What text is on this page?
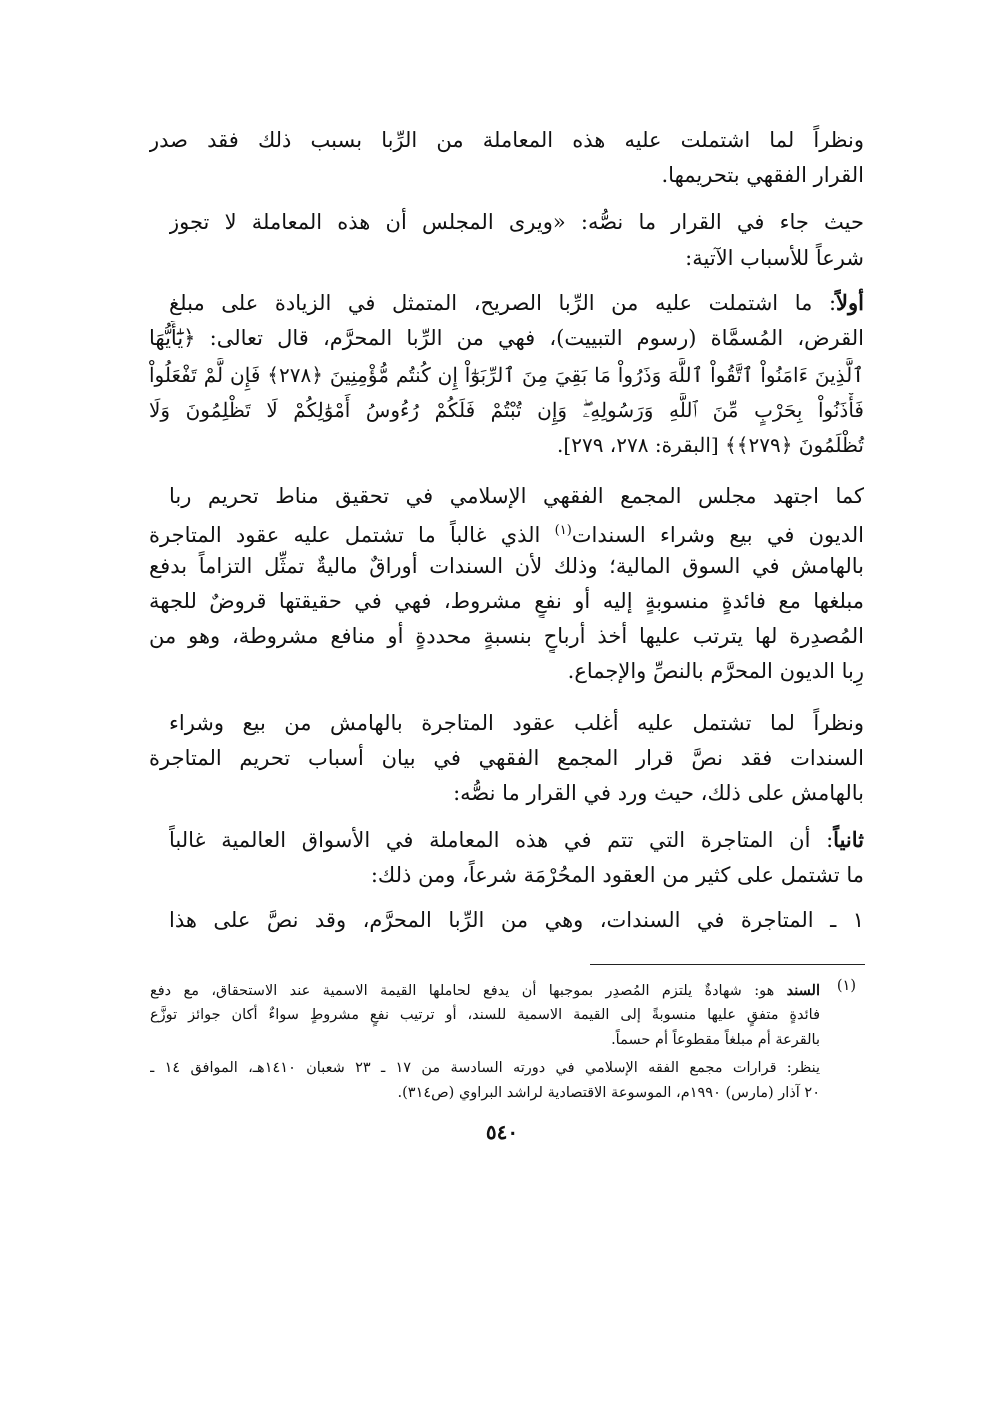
ونظراً لما اشتملت عليه هذه المعاملة من الرِّبا بسبب ذلك فقد صدر
القرار الفقهي بتحريمها.
حيث جاء في القرار ما نصُّه: «ويرى المجلس أن هذه المعاملة لا تجوز
شرعاً للأسباب الآتية:
أولاً: ما اشتملت عليه من الرِّبا الصريح، المتمثل في الزيادة على مبلغ
القرض، المُسمَّاة (رسوم التبييت)، فهي من الرِّبا المحرَّم، قال تعالى: ﴿يَٰٓأَيُّهَا
ٱلَّذِينَ ءَامَنُواْ ٱتَّقُواْ ٱللَّهَ وَذَرُواْ مَا بَقِيَ مِنَ ٱلرِّبَوٰٓاْ إِن كُنتُم مُّؤْمِنِينَ ﴿٢٧٨﴾ فَإِن لَّمْ تَفْعَلُواْ
فَأْذَنُواْ بِحَرْبٍ مِّنَ ٱللَّهِ وَرَسُولِهِۦۖ وَإِن تُبْتُمْ فَلَكُمْ رُءُوسُ أَمْوَٰلِكُمْ لَا تَظْلِمُونَ وَلَا
تُظْلَمُونَ ﴿٢٧٩﴾﴾ [البقرة: ٢٧٨، ٢٧٩].
كما اجتهد مجلس المجمع الفقهي الإسلامي في تحقيق مناط تحريم ربا
الديون في بيع وشراء السندات$^{(١)}$ الذي غالباً ما تشتمل عليه عقود المتاجرة
بالهامش في السوق المالية؛ وذلك لأن السندات أوراقٌ ماليةٌ تمثِّل التزاماً بدفع
مبلغها مع فائدةٍ منسوبةٍ إليه أو نفعٍ مشروط، فهي في حقيقتها قروضٌ للجهة
المُصدِرة لها يترتب عليها أخذ أرباحٍ بنسبةٍ محددةٍ أو منافع مشروطة، وهو من
رِبا الديون المحرَّم بالنصِّ والإجماع.
ونظراً لما تشتمل عليه أغلب عقود المتاجرة بالهامش من بيع وشراء
السندات فقد نصَّ قرار المجمع الفقهي في بيان أسباب تحريم المتاجرة
بالهامش على ذلك، حيث ورد في القرار ما نصُّه:
ثانياً: أن المتاجرة التي تتم في هذه المعاملة في الأسواق العالمية غالباً
ما تشتمل على كثير من العقود المحُرْمَة شرعاً، ومن ذلك:
١ ـ المتاجرة في السندات، وهي من الرِّبا المحرَّم، وقد نصَّ على هذا
(١)
السند هو: شهادةٌ يلتزم المُصدِر بموجبها أن يدفع لحاملها القيمة الاسمية عند الاستحقاق، مع دفع
فائدةٍ متفقٍ عليها منسوبةً إلى القيمة الاسمية للسند، أو ترتيب نفعٍ مشروطٍ سواءٌ أكان جوائز توزَّع
بالقرعة أم مبلغاً مقطوعاً أم حسماً.
ينظر: قرارات مجمع الفقه الإسلامي في دورته السادسة من ١٧ ـ ٢٣ شعبان ١٤١٠هـ، الموافق ١٤ ـ
٢٠ آذار (مارس) ١٩٩٠م، الموسوعة الاقتصادية لراشد البراوي (ص٣١٤).
٥٤٠
